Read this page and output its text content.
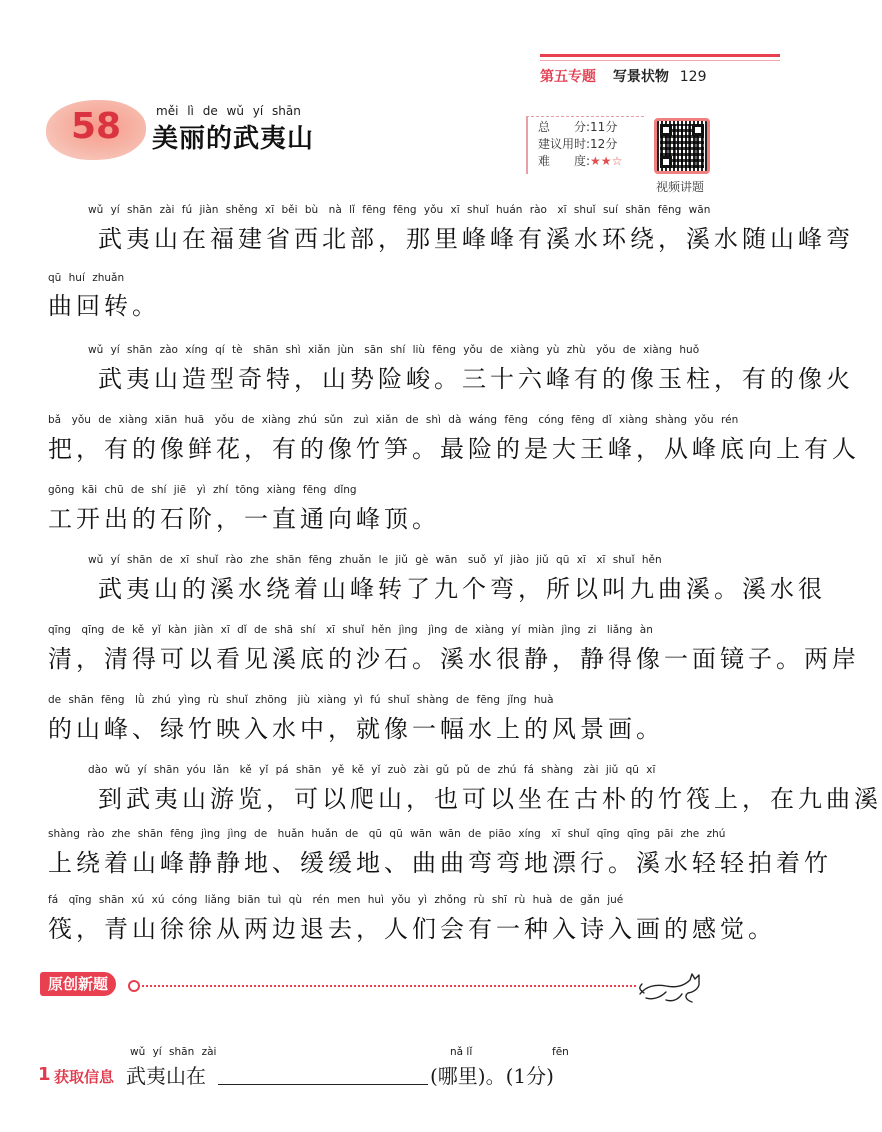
第五专题 写景状物 129
58	měi lì de wǔ yí shān
美丽的武夷山	总　　分:11分
建议用时:12分
难　　度:★★☆
视频讲题
wǔ yí shān zài fú jiàn shěng xī běi bù　nà lǐ fēng fēng yǒu xī shuǐ huán rào　xī shuǐ suí shān fēng wān
　武夷山在福建省西北部，那里峰峰有溪水环绕，溪水随山峰弯
qū huí zhuǎn
曲回转。
wǔ yí shān zào xíng qí tè　shān shì xiǎn jùn　sān shí liù fēng yǒu de xiàng yù zhù　yǒu de xiàng huǒ
　武夷山造型奇特，山势险峻。三十六峰有的像玉柱，有的像火
bǎ　yǒu de xiàng xiān huā　yǒu de xiàng zhú sǔn　zuì xiǎn de shì dà wáng fēng　cóng fēng dǐ xiàng shàng yǒu rén
把，有的像鲜花，有的像竹笋。最险的是大王峰，从峰底向上有人
gōng kāi chū de shí jiē　yì zhí tōng xiàng fēng dǐng
工开出的石阶，一直通向峰顶。
wǔ yí shān de xī shuǐ rào zhe shān fēng zhuǎn le jiǔ gè wān　suǒ yǐ jiào jiǔ qū xī　xī shuǐ hěn
　武夷山的溪水绕着山峰转了九个弯，所以叫九曲溪。溪水很
qīng　qīng de kě yǐ kàn jiàn xī dǐ de shā shí　xī shuǐ hěn jìng　jìng de xiàng yí miàn jìng zi　liǎng àn
清，清得可以看见溪底的沙石。溪水很静，静得像一面镜子。两岸
de shān fēng　lǜ zhú yìng rù shuǐ zhōng　jiù xiàng yì fú shuǐ shàng de fēng jǐng huà
的山峰、绿竹映入水中，就像一幅水上的风景画。
dào wǔ yí shān yóu lǎn　kě yǐ pá shān　yě kě yǐ zuò zài gǔ pǔ de zhú fá shàng　zài jiǔ qū xī
　到武夷山游览，可以爬山，也可以坐在古朴的竹筏上，在九曲溪
shàng rào zhe shān fēng jìng jìng de　huǎn huǎn de　qū qū wān wān de piāo xíng　xī shuǐ qīng qīng pāi zhe zhú
上绕着山峰静静地、缓缓地、曲曲弯弯地漂行。溪水轻轻拍着竹
fá　qīng shān xú xú cóng liǎng biān tuì qù　rén men huì yǒu yì zhǒng rù shī rù huà de gǎn jué
筏，青山徐徐从两边退去，人们会有一种入诗入画的感觉。
原创新题
1 获取信息
wǔ yí shān zài
武夷山在
nǎ lǐ
(哪里)。(1分)
fēn
